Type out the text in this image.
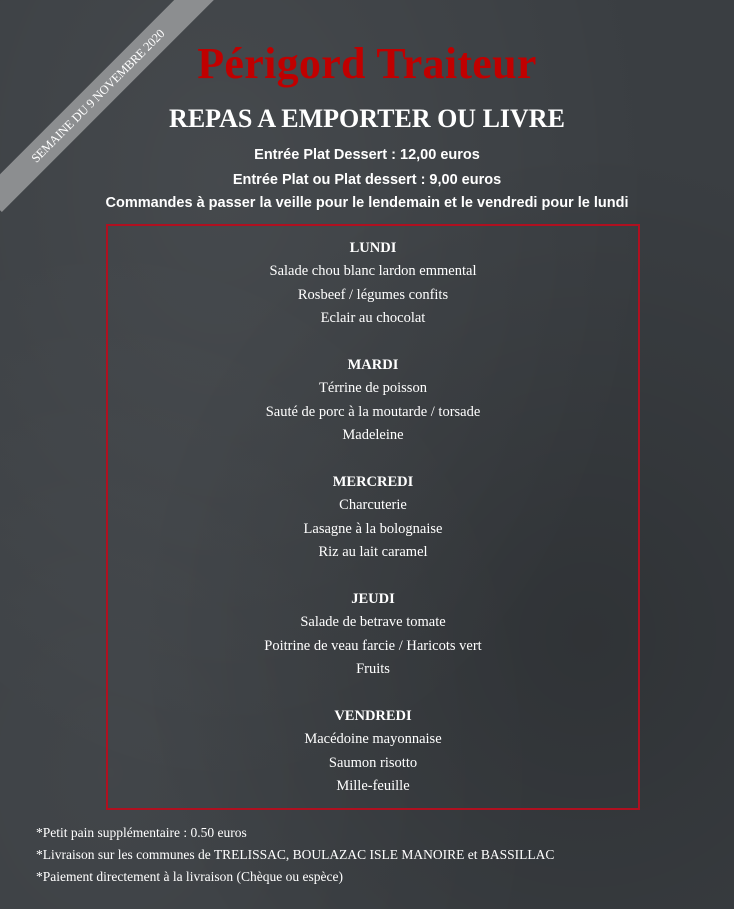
SEMAINE DU 9 NOVEMBRE 2020 Périgord Traiteur
REPAS A EMPORTER OU LIVRE
Entrée Plat Dessert : 12,00 euros
Entrée Plat ou Plat dessert : 9,00 euros
Commandes à passer la veille pour le lendemain et le vendredi pour le lundi
LUNDI
Salade chou blanc lardon emmental
Rosbeef / légumes confits
Eclair au chocolat
MARDI
Térrine de poisson
Sauté de porc à la moutarde / torsade
Madeleine
MERCREDI
Charcuterie
Lasagne à la bolognaise
Riz au lait caramel
JEUDI
Salade de betrave tomate
Poitrine de veau farcie / Haricots vert
Fruits
VENDREDI
Macédoine mayonnaise
Saumon risotto
Mille-feuille
*Petit pain supplémentaire : 0.50 euros
*Livraison sur les communes de TRELISSAC, BOULAZAC ISLE MANOIRE et BASSILLAC
*Paiement directement à la livraison (Chèque ou espèce)
